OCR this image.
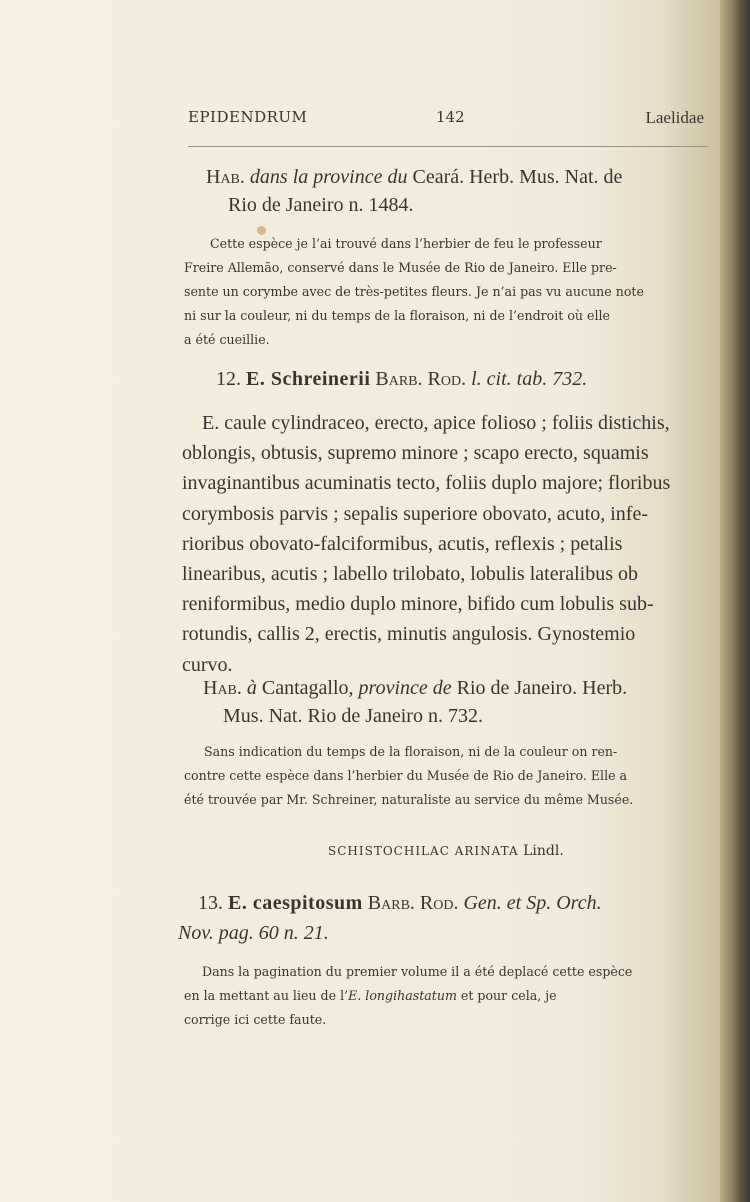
EPIDENDRUM	142	Laelidae
Hab. dans la province du Ceará. Herb. Mus. Nat. de
Rio de Janeiro n. 1484.
Cette espèce je l’ai trouvé dans l’herbier de feu le professeur
Freire Allemão, conservé dans le Musée de Rio de Janeiro. Elle pre-
sente un corymbe avec de très-petites fleurs. Je n’ai pas vu aucune note
ni sur la couleur, ni du temps de la floraison, ni de l’endroit où elle
a été cueillie.
12. E. Schreinerii Barb. Rod. l. cit. tab. 732.
E. caule cylindraceo, erecto, apice folioso ; foliis distichis,
oblongis, obtusis, supremo minore ; scapo erecto, squamis
invaginantibus acuminatis tecto, foliis duplo majore; floribus
corymbosis parvis ; sepalis superiore obovato, acuto, infe-
rioribus obovato-falciformibus, acutis, reflexis ; petalis
linearibus, acutis ; labello trilobato, lobulis lateralibus ob
reniformibus, medio duplo minore, bifido cum lobulis sub-
rotundis, callis 2, erectis, minutis angulosis. Gynostemio
curvo.
Hab. à Cantagallo, province de Rio de Janeiro. Herb.
Mus. Nat. Rio de Janeiro n. 732.
Sans indication du temps de la floraison, ni de la couleur on ren-
contre cette espèce dans l’herbier du Musée de Rio de Janeiro. Elle a
été trouvée par Mr. Schreiner, naturaliste au service du même Musée.
SCHISTOCHILAC ARINATA Lindl.
13. E. caespitosum Barb. Rod. Gen. et Sp. Orch.
Nov. pag. 60 n. 21.
Dans la pagination du premier volume il a été deplacé cette espèce
en la mettant au lieu de l’E. longihastatum et pour cela, je
corrige ici cette faute.
